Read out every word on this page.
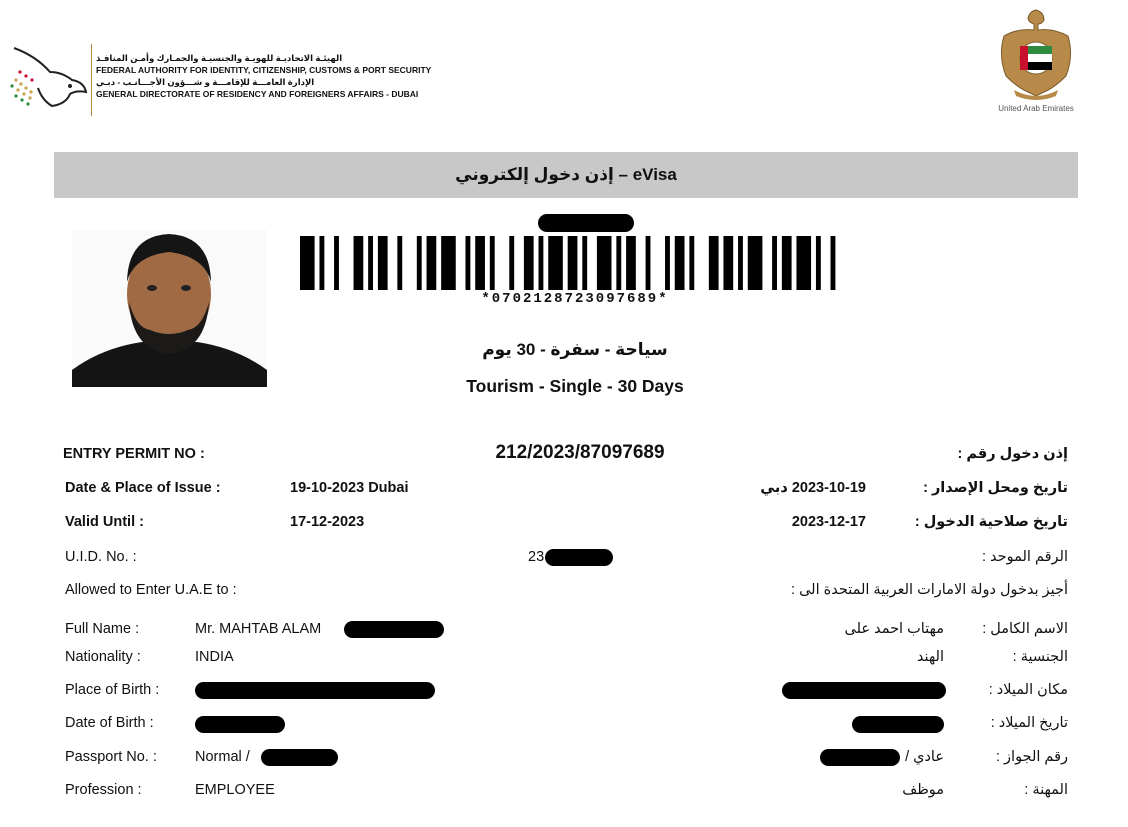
الهيئـة الاتحاديـة للهويـة والجنسيـة والجمـارك وأمـن المنافـذ
FEDERAL AUTHORITY FOR IDENTITY, CITIZENSHIP, CUSTOMS & PORT SECURITY
الإدارة العامـــة للإقامـــة و شـــؤون الأجـــانـب - دبـي
GENERAL DIRECTORATE OF RESIDENCY AND FOREIGNERS AFFAIRS - DUBAI
United Arab Emirates
إذن دخول إلكتروني – eVisa
*0702128723097689*
سياحة - سفرة - 30 يوم
Tourism - Single - 30 Days
ENTRY PERMIT NO :	212/2023/87097689	إذن دخول رقم :
Date & Place of Issue :	19-10-2023 Dubai	2023-10-19 دبي	تاريخ ومحل الإصدار :
Valid Until :	17-12-2023	2023-12-17	تاريخ صلاحية الدخول :
U.I.D. No. :	23	الرقم الموحد :
Allowed to Enter U.A.E to :	أجيز بدخول دولة الامارات العربية المتحدة الى :
Full Name :	Mr. MAHTAB ALAM	مهتاب احمد على	الاسم الكامل :
Nationality :	INDIA	الهند	الجنسية :
Place of Birth :	مكان الميلاد :
Date of Birth :	تاريخ الميلاد :
Passport No. :	Normal /	عادي /	رقم الجواز :
Profession :	EMPLOYEE	موظف	المهنة :
